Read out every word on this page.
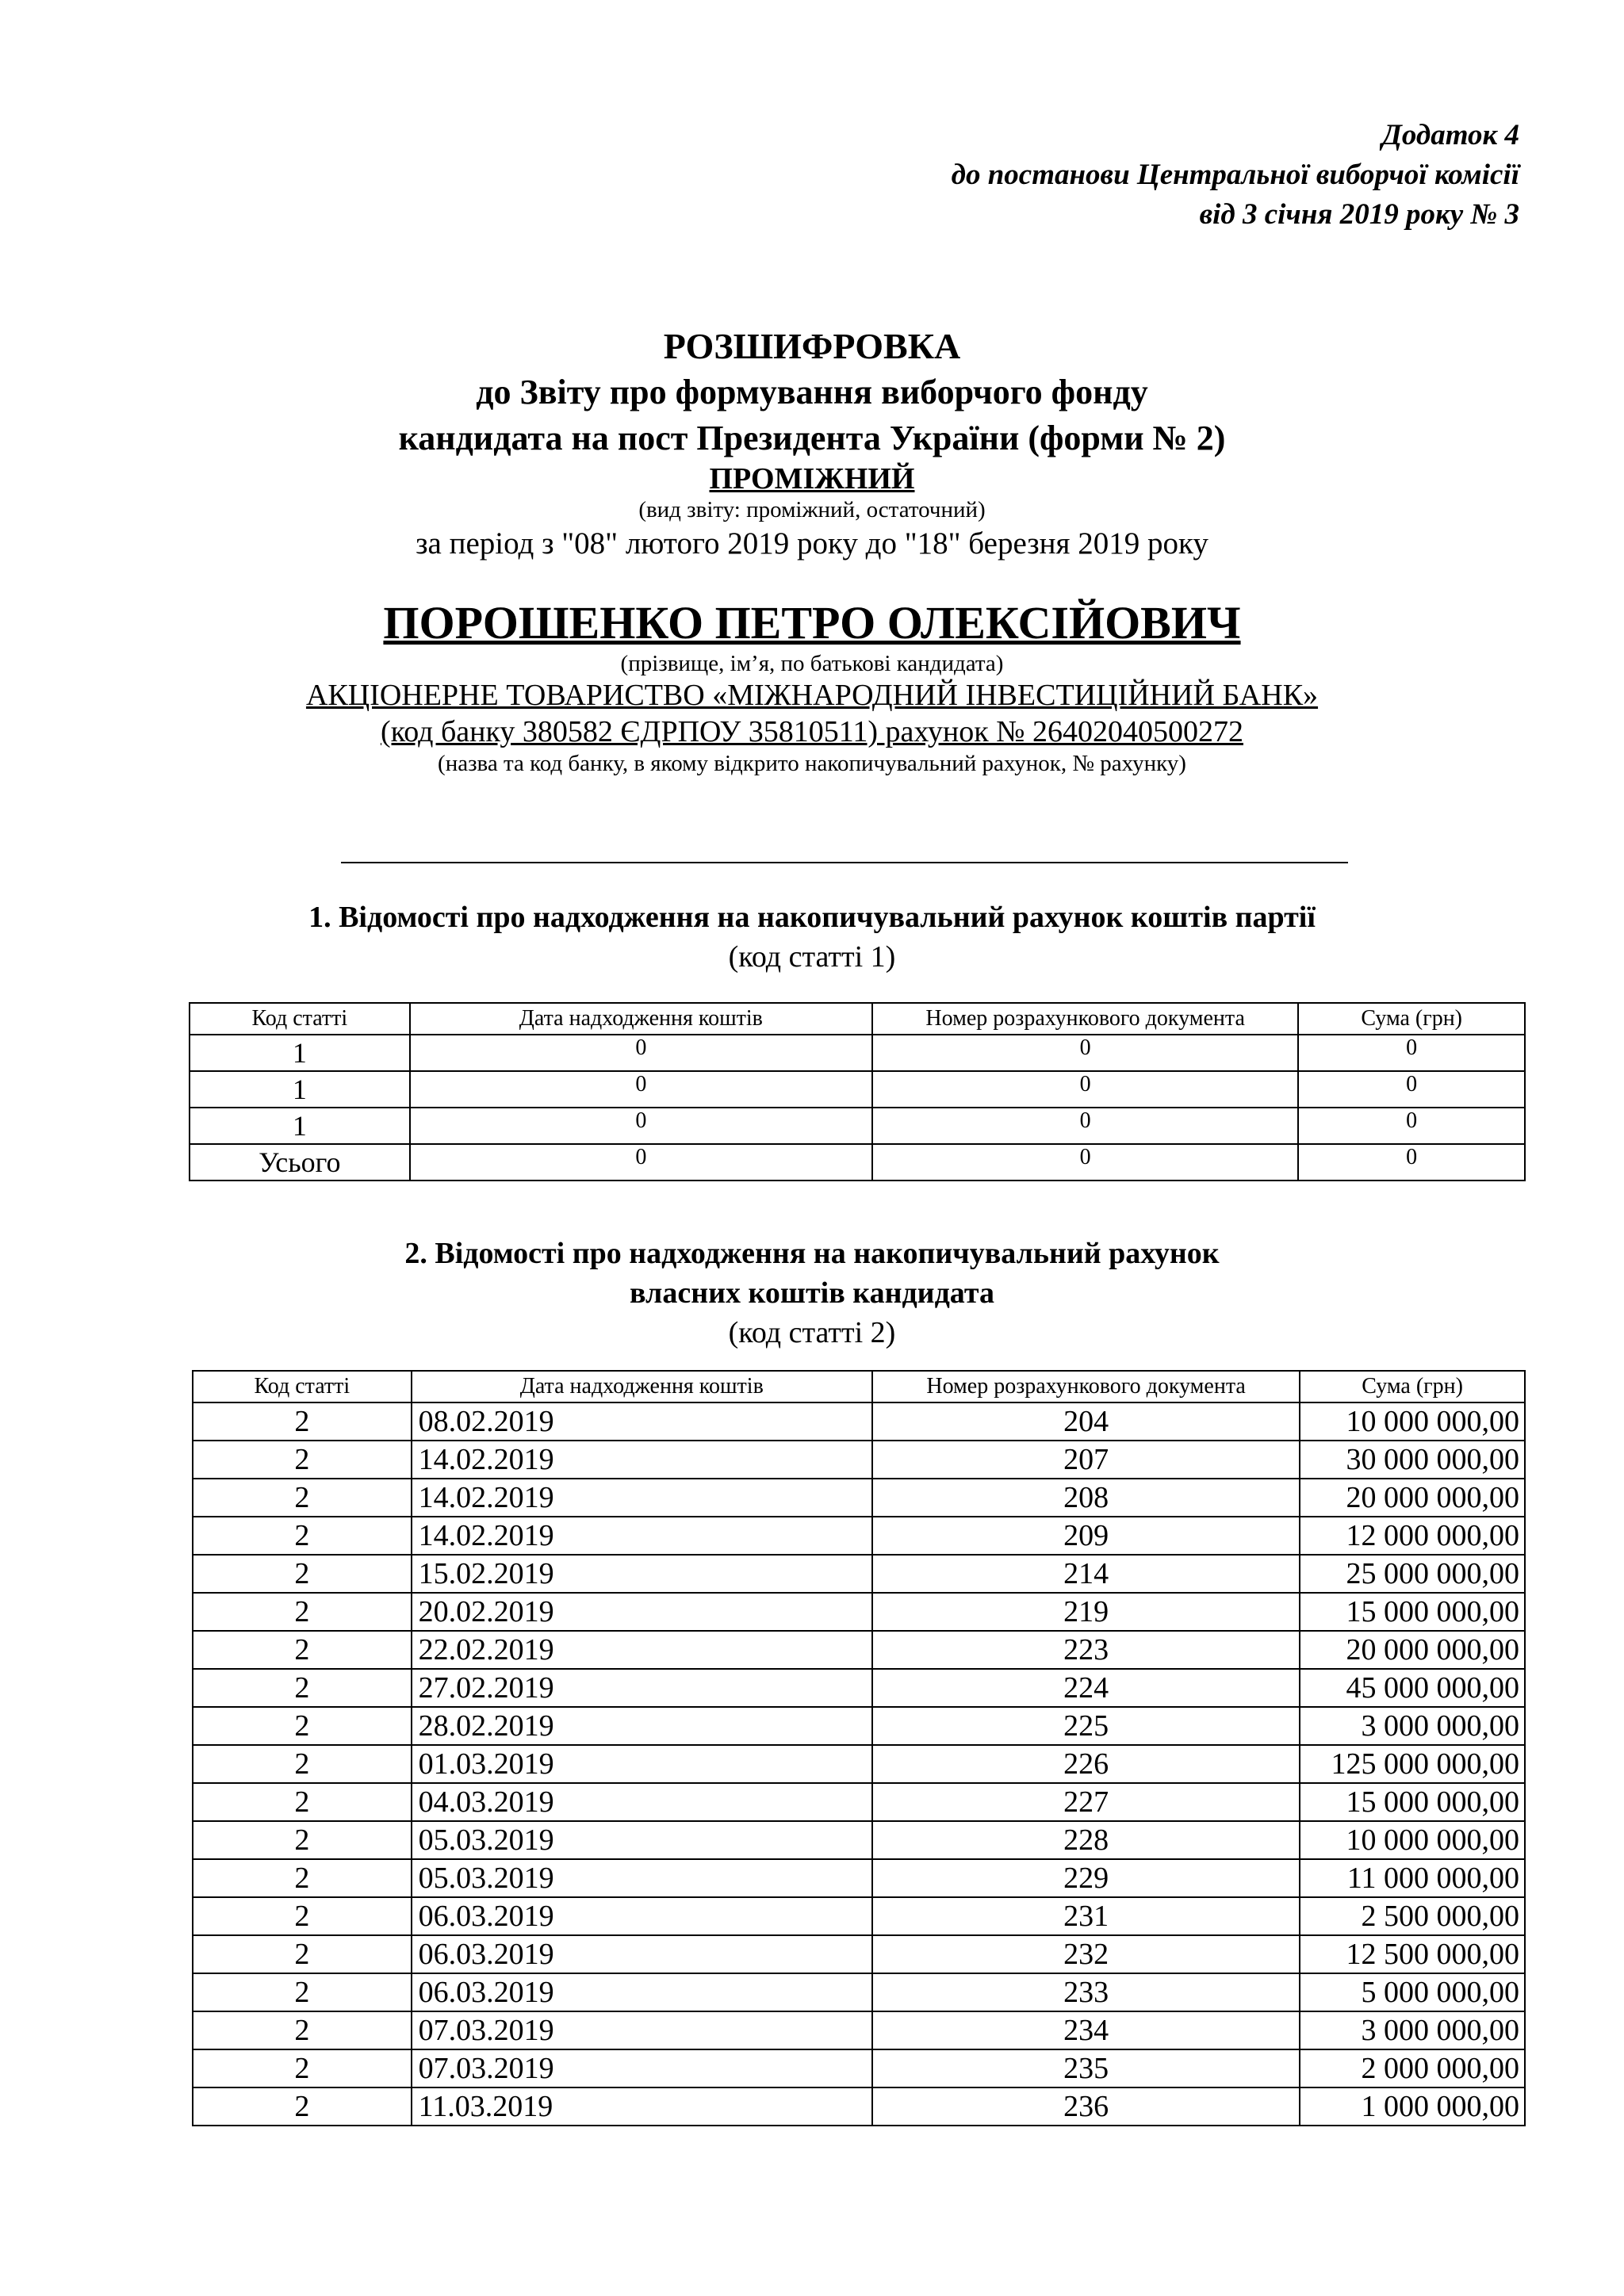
Додаток 4
до постанови Центральної виборчої комісії
від 3 січня 2019 року № 3

РОЗШИФРОВКА

до Звіту про формування виборчого фонду

кандидата на пост Президента України (форми № 2)

ПРОМІЖНИЙ

(вид звіту: проміжний, остаточний)

за період з "08" лютого 2019 року до "18" березня 2019 року

ПОРОШЕНКО ПЕТРО ОЛЕКСІЙОВИЧ

(прізвище, ім’я, по батькові кандидата)

АКЦІОНЕРНЕ ТОВАРИСТВО «МІЖНАРОДНИЙ ІНВЕСТИЦІЙНИЙ БАНК»

(код банку 380582 ЄДРПОУ 35810511) рахунок № 26402040500272

(назва та код банку, в якому відкрито накопичувальний рахунок, № рахунку)

1. Відомості про надходження на накопичувальний рахунок коштів партії

(код статті 1)

Код статті	Дата надходження коштів	Номер розрахункового документа	Сума (грн)
1	0	0	0
1	0	0	0
1	0	0	0
Усього	0	0	0

2. Відомості про надходження на накопичувальний рахунок

власних коштів кандидата

(код статті 2)

Код статті	Дата надходження коштів	Номер розрахункового документа	Сума (грн)
2	08.02.2019	204	10 000 000,00
2	14.02.2019	207	30 000 000,00
2	14.02.2019	208	20 000 000,00
2	14.02.2019	209	12 000 000,00
2	15.02.2019	214	25 000 000,00
2	20.02.2019	219	15 000 000,00
2	22.02.2019	223	20 000 000,00
2	27.02.2019	224	45 000 000,00
2	28.02.2019	225	3 000 000,00
2	01.03.2019	226	125 000 000,00
2	04.03.2019	227	15 000 000,00
2	05.03.2019	228	10 000 000,00
2	05.03.2019	229	11 000 000,00
2	06.03.2019	231	2 500 000,00
2	06.03.2019	232	12 500 000,00
2	06.03.2019	233	5 000 000,00
2	07.03.2019	234	3 000 000,00
2	07.03.2019	235	2 000 000,00
2	11.03.2019	236	1 000 000,00
